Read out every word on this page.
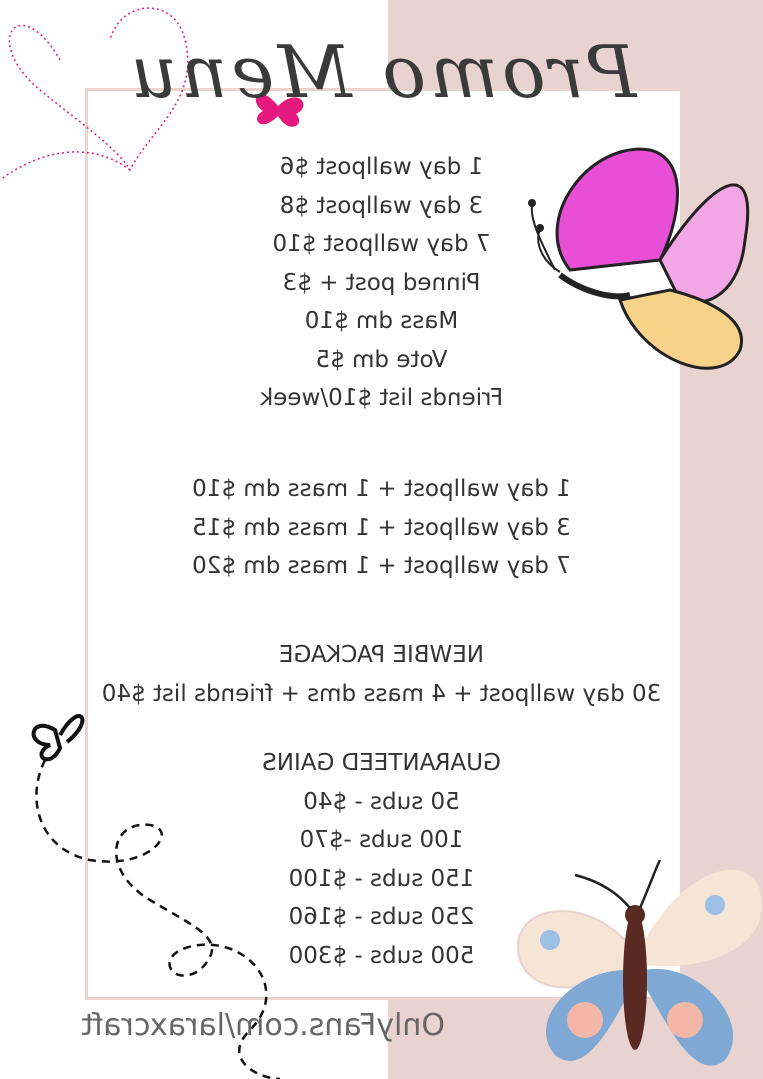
Promo Menu
1 day wallpost $6
3 day wallpost $8
7 day wallpost $10
Pinned post + $3
Mass dm $10
Vote dm $5
Friends list $10/week
1 day wallpost + 1 mass dm $10
3 day wallpost + 1 mass dm $15
7 day wallpost + 1 mass dm $20
NEWBIE PACKAGE
30 day wallpost + 4 mass dms + friends list $40
GUARANTEED GAINS
50 subs - $40
100 subs -$70
150 subs - $100
250 subs - $160
500 subs - $300
OnlyFans.com/laraxcraft
